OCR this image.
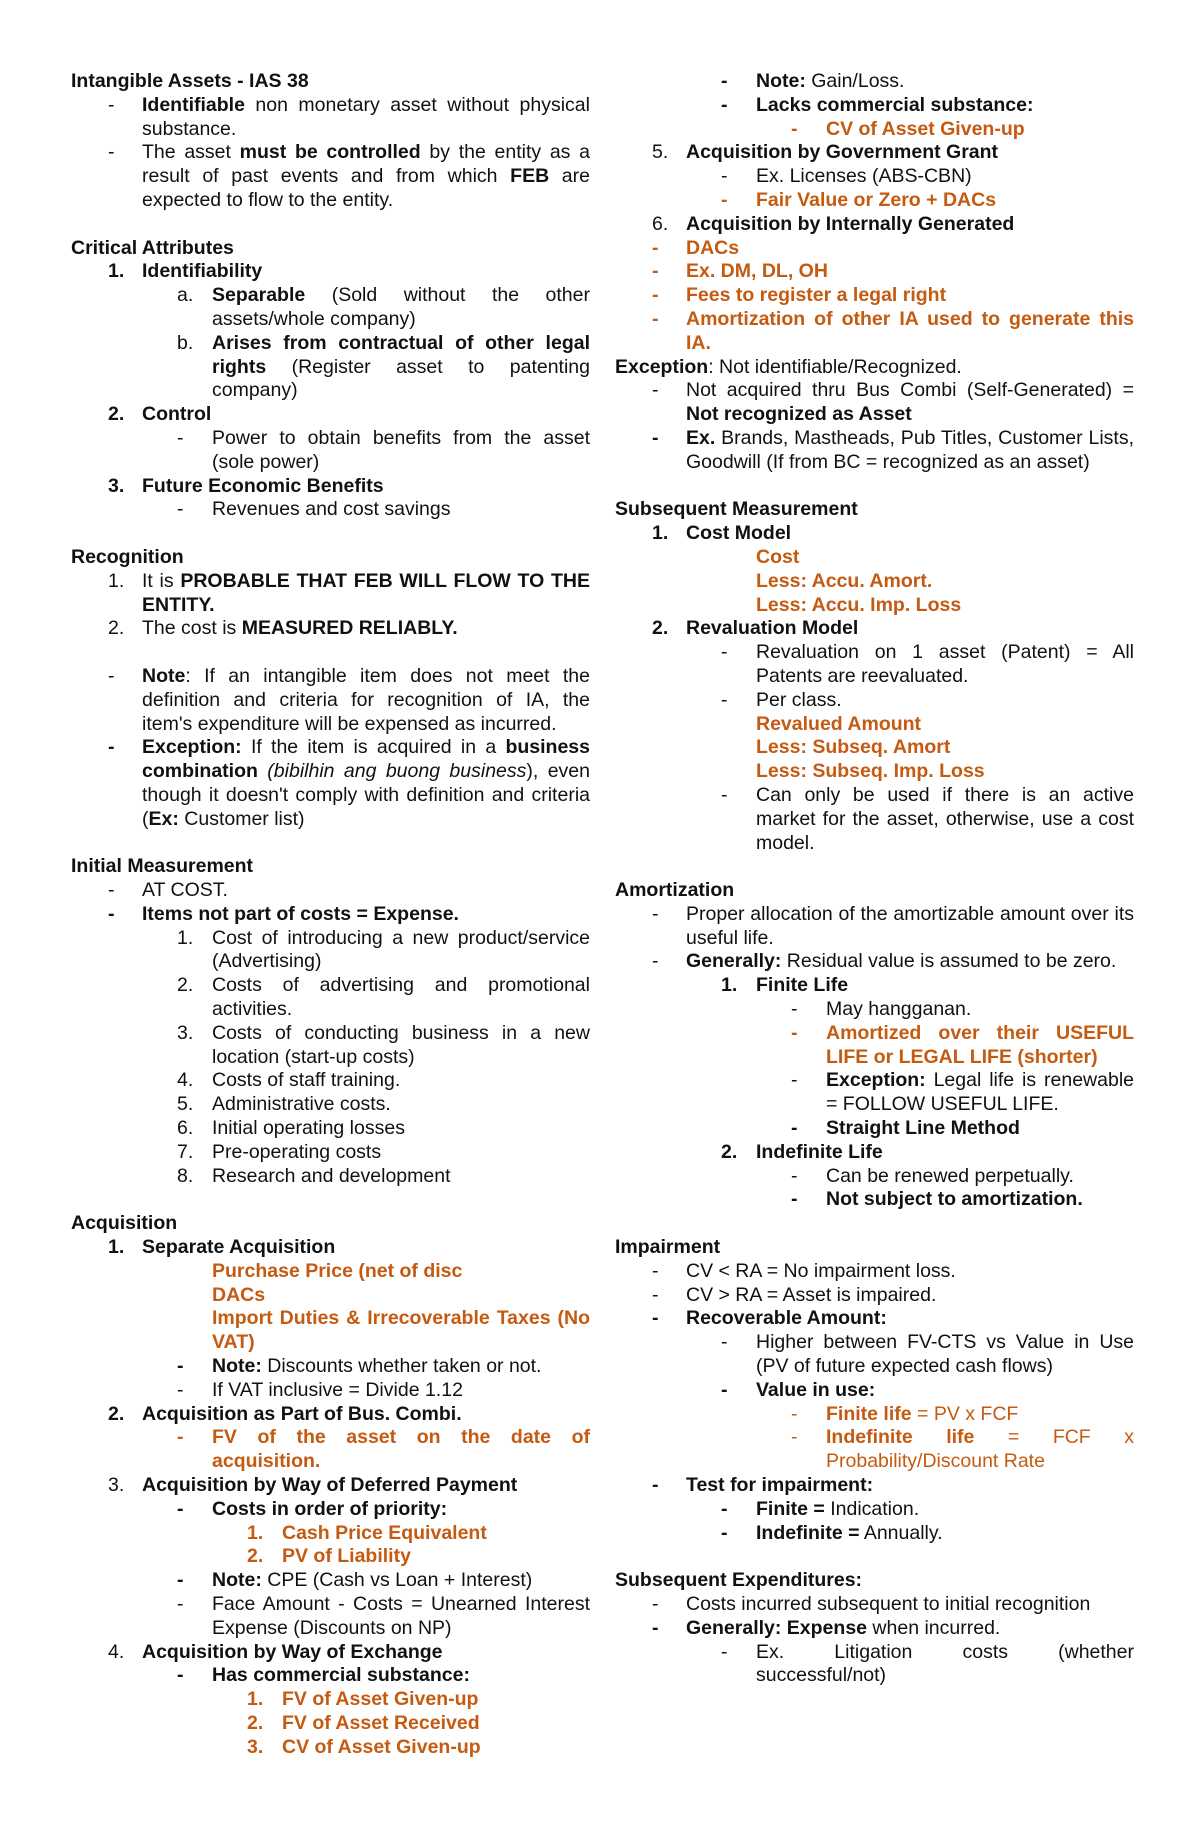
Intangible Assets - IAS 38
- Identifiable non monetary asset without physical substance.
- The asset must be controlled by the entity as a result of past events and from which FEB are expected to flow to the entity.
Critical Attributes
1. Identifiability
a. Separable (Sold without the other assets/whole company)
b. Arises from contractual of other legal rights (Register asset to patenting company)
2. Control
- Power to obtain benefits from the asset (sole power)
3. Future Economic Benefits
- Revenues and cost savings
Recognition
1. It is PROBABLE THAT FEB WILL FLOW TO THE ENTITY.
2. The cost is MEASURED RELIABLY.
- Note: If an intangible item does not meet the definition and criteria for recognition of IA, the item's expenditure will be expensed as incurred.
- Exception: If the item is acquired in a business combination (bibilhin ang buong business), even though it doesn't comply with definition and criteria (Ex: Customer list)
Initial Measurement
- AT COST.
- Items not part of costs = Expense.
1. Cost of introducing a new product/service (Advertising)
2. Costs of advertising and promotional activities.
3. Costs of conducting business in a new location (start-up costs)
4. Costs of staff training.
5. Administrative costs.
6. Initial operating losses
7. Pre-operating costs
8. Research and development
Acquisition
1. Separate Acquisition
Purchase Price (net of disc
DACs
Import Duties & Irrecoverable Taxes (No VAT)
- Note: Discounts whether taken or not.
- If VAT inclusive = Divide 1.12
2. Acquisition as Part of Bus. Combi.
- FV of the asset on the date of acquisition.
3. Acquisition by Way of Deferred Payment
- Costs in order of priority:
1. Cash Price Equivalent
2. PV of Liability
- Note: CPE (Cash vs Loan + Interest)
- Face Amount - Costs = Unearned Interest Expense (Discounts on NP)
4. Acquisition by Way of Exchange
- Has commercial substance:
1. FV of Asset Given-up
2. FV of Asset Received
3. CV of Asset Given-up
- Note: Gain/Loss.
- Lacks commercial substance:
- CV of Asset Given-up
5. Acquisition by Government Grant
- Ex. Licenses (ABS-CBN)
- Fair Value or Zero + DACs
6. Acquisition by Internally Generated
- DACs
- Ex. DM, DL, OH
- Fees to register a legal right
- Amortization of other IA used to generate this IA.
Exception: Not identifiable/Recognized.
- Not acquired thru Bus Combi (Self-Generated) = Not recognized as Asset
- Ex. Brands, Mastheads, Pub Titles, Customer Lists, Goodwill (If from BC = recognized as an asset)
Subsequent Measurement
1. Cost Model
Cost
Less: Accu. Amort.
Less: Accu. Imp. Loss
2. Revaluation Model
- Revaluation on 1 asset (Patent) = All Patents are reevaluated.
- Per class.
Revalued Amount
Less: Subseq. Amort
Less: Subseq. Imp. Loss
- Can only be used if there is an active market for the asset, otherwise, use a cost model.
Amortization
- Proper allocation of the amortizable amount over its useful life.
- Generally: Residual value is assumed to be zero.
1. Finite Life
- May hangganan.
- Amortized over their USEFUL LIFE or LEGAL LIFE (shorter)
- Exception: Legal life is renewable = FOLLOW USEFUL LIFE.
- Straight Line Method
2. Indefinite Life
- Can be renewed perpetually.
- Not subject to amortization.
Impairment
- CV < RA = No impairment loss.
- CV > RA = Asset is impaired.
- Recoverable Amount:
- Higher between FV-CTS vs Value in Use (PV of future expected cash flows)
- Value in use:
- Finite life = PV x FCF
- Indefinite life = FCF x Probability/Discount Rate
- Test for impairment:
- Finite = Indication.
- Indefinite = Annually.
Subsequent Expenditures:
- Costs incurred subsequent to initial recognition
- Generally: Expense when incurred.
- Ex. Litigation costs (whether successful/not)
